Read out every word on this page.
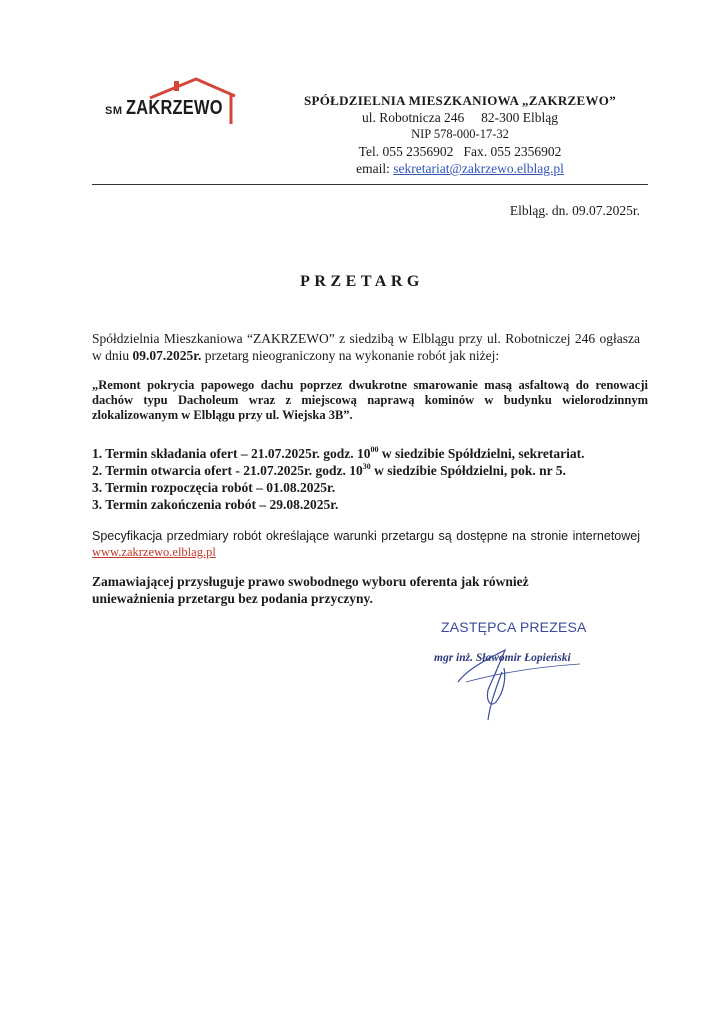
SM ZAKRZEWO	SPÓŁDZIELNIA MIESZKANIOWA „ZAKRZEWO”
ul. Robotnicza 246     82-300 Elbląg
NIP 578-000-17-32
Tel. 055 2356902   Fax. 055 2356902
email: sekretariat@zakrzewo.elblag.pl
Elbląg. dn. 09.07.2025r.
PRZETARG
Spółdzielnia Mieszkaniowa “ZAKRZEWO” z siedzibą w Elblągu przy ul. Robotniczej 246 ogłasza w dniu 09.07.2025r. przetarg nieograniczony na wykonanie robót jak niżej:
„Remont pokrycia papowego dachu poprzez dwukrotne smarowanie masą asfaltową do renowacji dachów typu Dacholeum wraz z miejscową naprawą kominów w budynku wielorodzinnym zlokalizowanym w Elblągu przy ul. Wiejska 3B”.
1. Termin składania ofert – 21.07.2025r. godz. $10^{00}$ w siedzibie Spółdzielni, sekretariat.
2. Termin otwarcia ofert - 21.07.2025r. godz. $10^{30}$ w siedzibie Spółdzielni, pok. nr 5.
3. Termin rozpoczęcia robót – 01.08.2025r.
3. Termin zakończenia robót – 29.08.2025r.
Specyfikacja przedmiary robót określające warunki przetargu są dostępne na stronie internetowej www.zakrzewo.elblag.pl
Zamawiającej przysługuje prawo swobodnego wyboru oferenta jak również unieważnienia przetargu bez podania przyczyny.
ZASTĘPCA PREZESA
mgr inż. Sławomir Łopieński
